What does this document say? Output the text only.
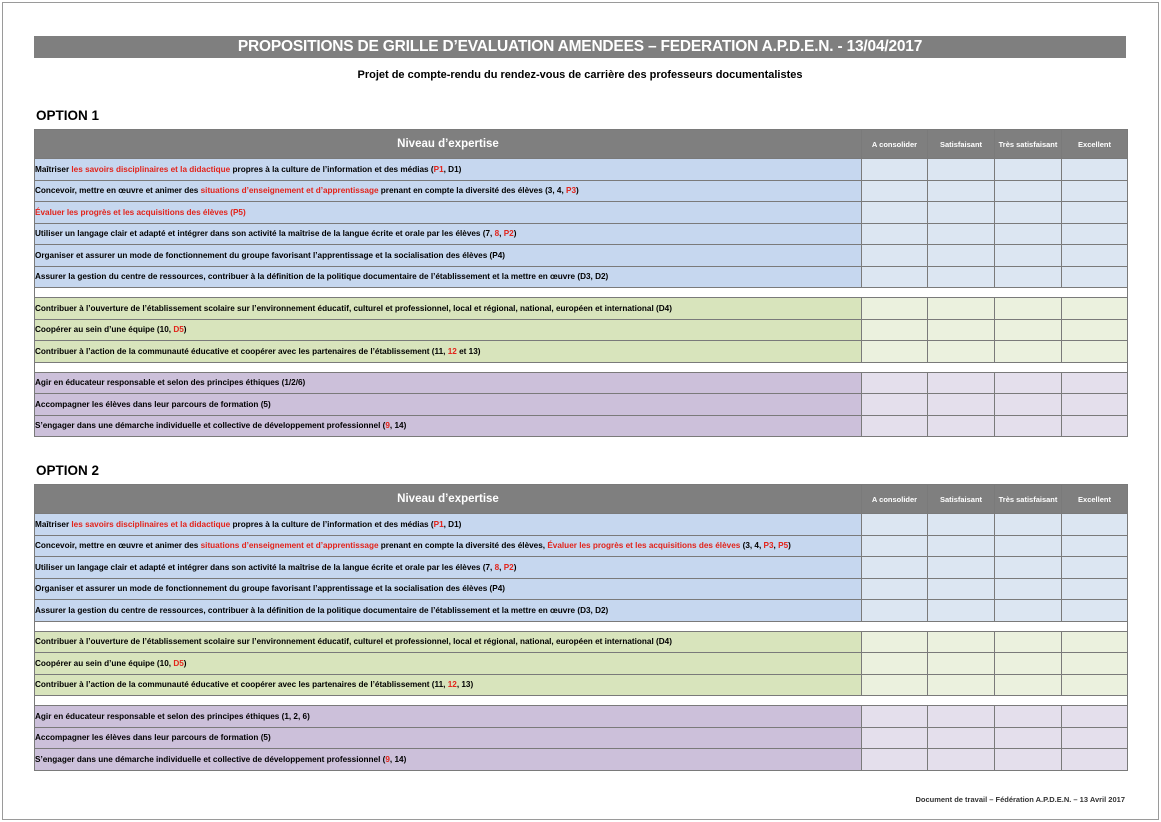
PROPOSITIONS DE GRILLE D’EVALUATION AMENDEES – FEDERATION A.P.D.E.N. - 13/04/2017
Projet de compte-rendu du rendez-vous de carrière des professeurs documentalistes
OPTION 1
Niveau d’expertise	A consolider	Satisfaisant	Très satisfaisant	Excellent
Maîtriser les savoirs disciplinaires et la didactique propres à la culture de l’information et des médias (P1, D1)				
Concevoir, mettre en œuvre et animer des situations d’enseignement et d’apprentissage prenant en compte la diversité des élèves (3, 4, P3)				
Évaluer les progrès et les acquisitions des élèves (P5)				
Utiliser un langage clair et adapté et intégrer dans son activité la maîtrise de la langue écrite et orale par les élèves (7, 8, P2)				
Organiser et assurer un mode de fonctionnement du groupe favorisant l’apprentissage et la socialisation des élèves (P4)				
Assurer la gestion du centre de ressources, contribuer à la définition de la politique documentaire de l’établissement et la mettre en œuvre (D3, D2)				

Contribuer à l’ouverture de l’établissement scolaire sur l’environnement éducatif, culturel et professionnel, local et régional, national, européen et international (D4)				
Coopérer au sein d’une équipe (10, D5)				
Contribuer à l’action de la communauté éducative et coopérer avec les partenaires de l’établissement (11, 12 et 13)				

Agir en éducateur responsable et selon des principes éthiques (1/2/6)				
Accompagner les élèves dans leur parcours de formation (5)				
S’engager dans une démarche individuelle et collective de développement professionnel (9, 14)				
OPTION 2
Niveau d’expertise	A consolider	Satisfaisant	Très satisfaisant	Excellent
Maîtriser les savoirs disciplinaires et la didactique propres à la culture de l’information et des médias (P1, D1)				
Concevoir, mettre en œuvre et animer des situations d’enseignement et d’apprentissage prenant en compte la diversité des élèves, Évaluer les progrès et les acquisitions des élèves (3, 4, P3, P5)				
Utiliser un langage clair et adapté et intégrer dans son activité la maîtrise de la langue écrite et orale par les élèves (7, 8, P2)				
Organiser et assurer un mode de fonctionnement du groupe favorisant l’apprentissage et la socialisation des élèves (P4)				
Assurer la gestion du centre de ressources, contribuer à la définition de la politique documentaire de l’établissement et la mettre en œuvre (D3, D2)				

Contribuer à l’ouverture de l’établissement scolaire sur l’environnement éducatif, culturel et professionnel, local et régional, national, européen et international (D4)				
Coopérer au sein d’une équipe (10, D5)				
Contribuer à l’action de la communauté éducative et coopérer avec les partenaires de l’établissement (11, 12, 13)				

Agir en éducateur responsable et selon des principes éthiques (1, 2, 6)				
Accompagner les élèves dans leur parcours de formation (5)				
S’engager dans une démarche individuelle et collective de développement professionnel (9, 14)				
Document de travail – Fédération A.P.D.E.N. – 13 Avril 2017
